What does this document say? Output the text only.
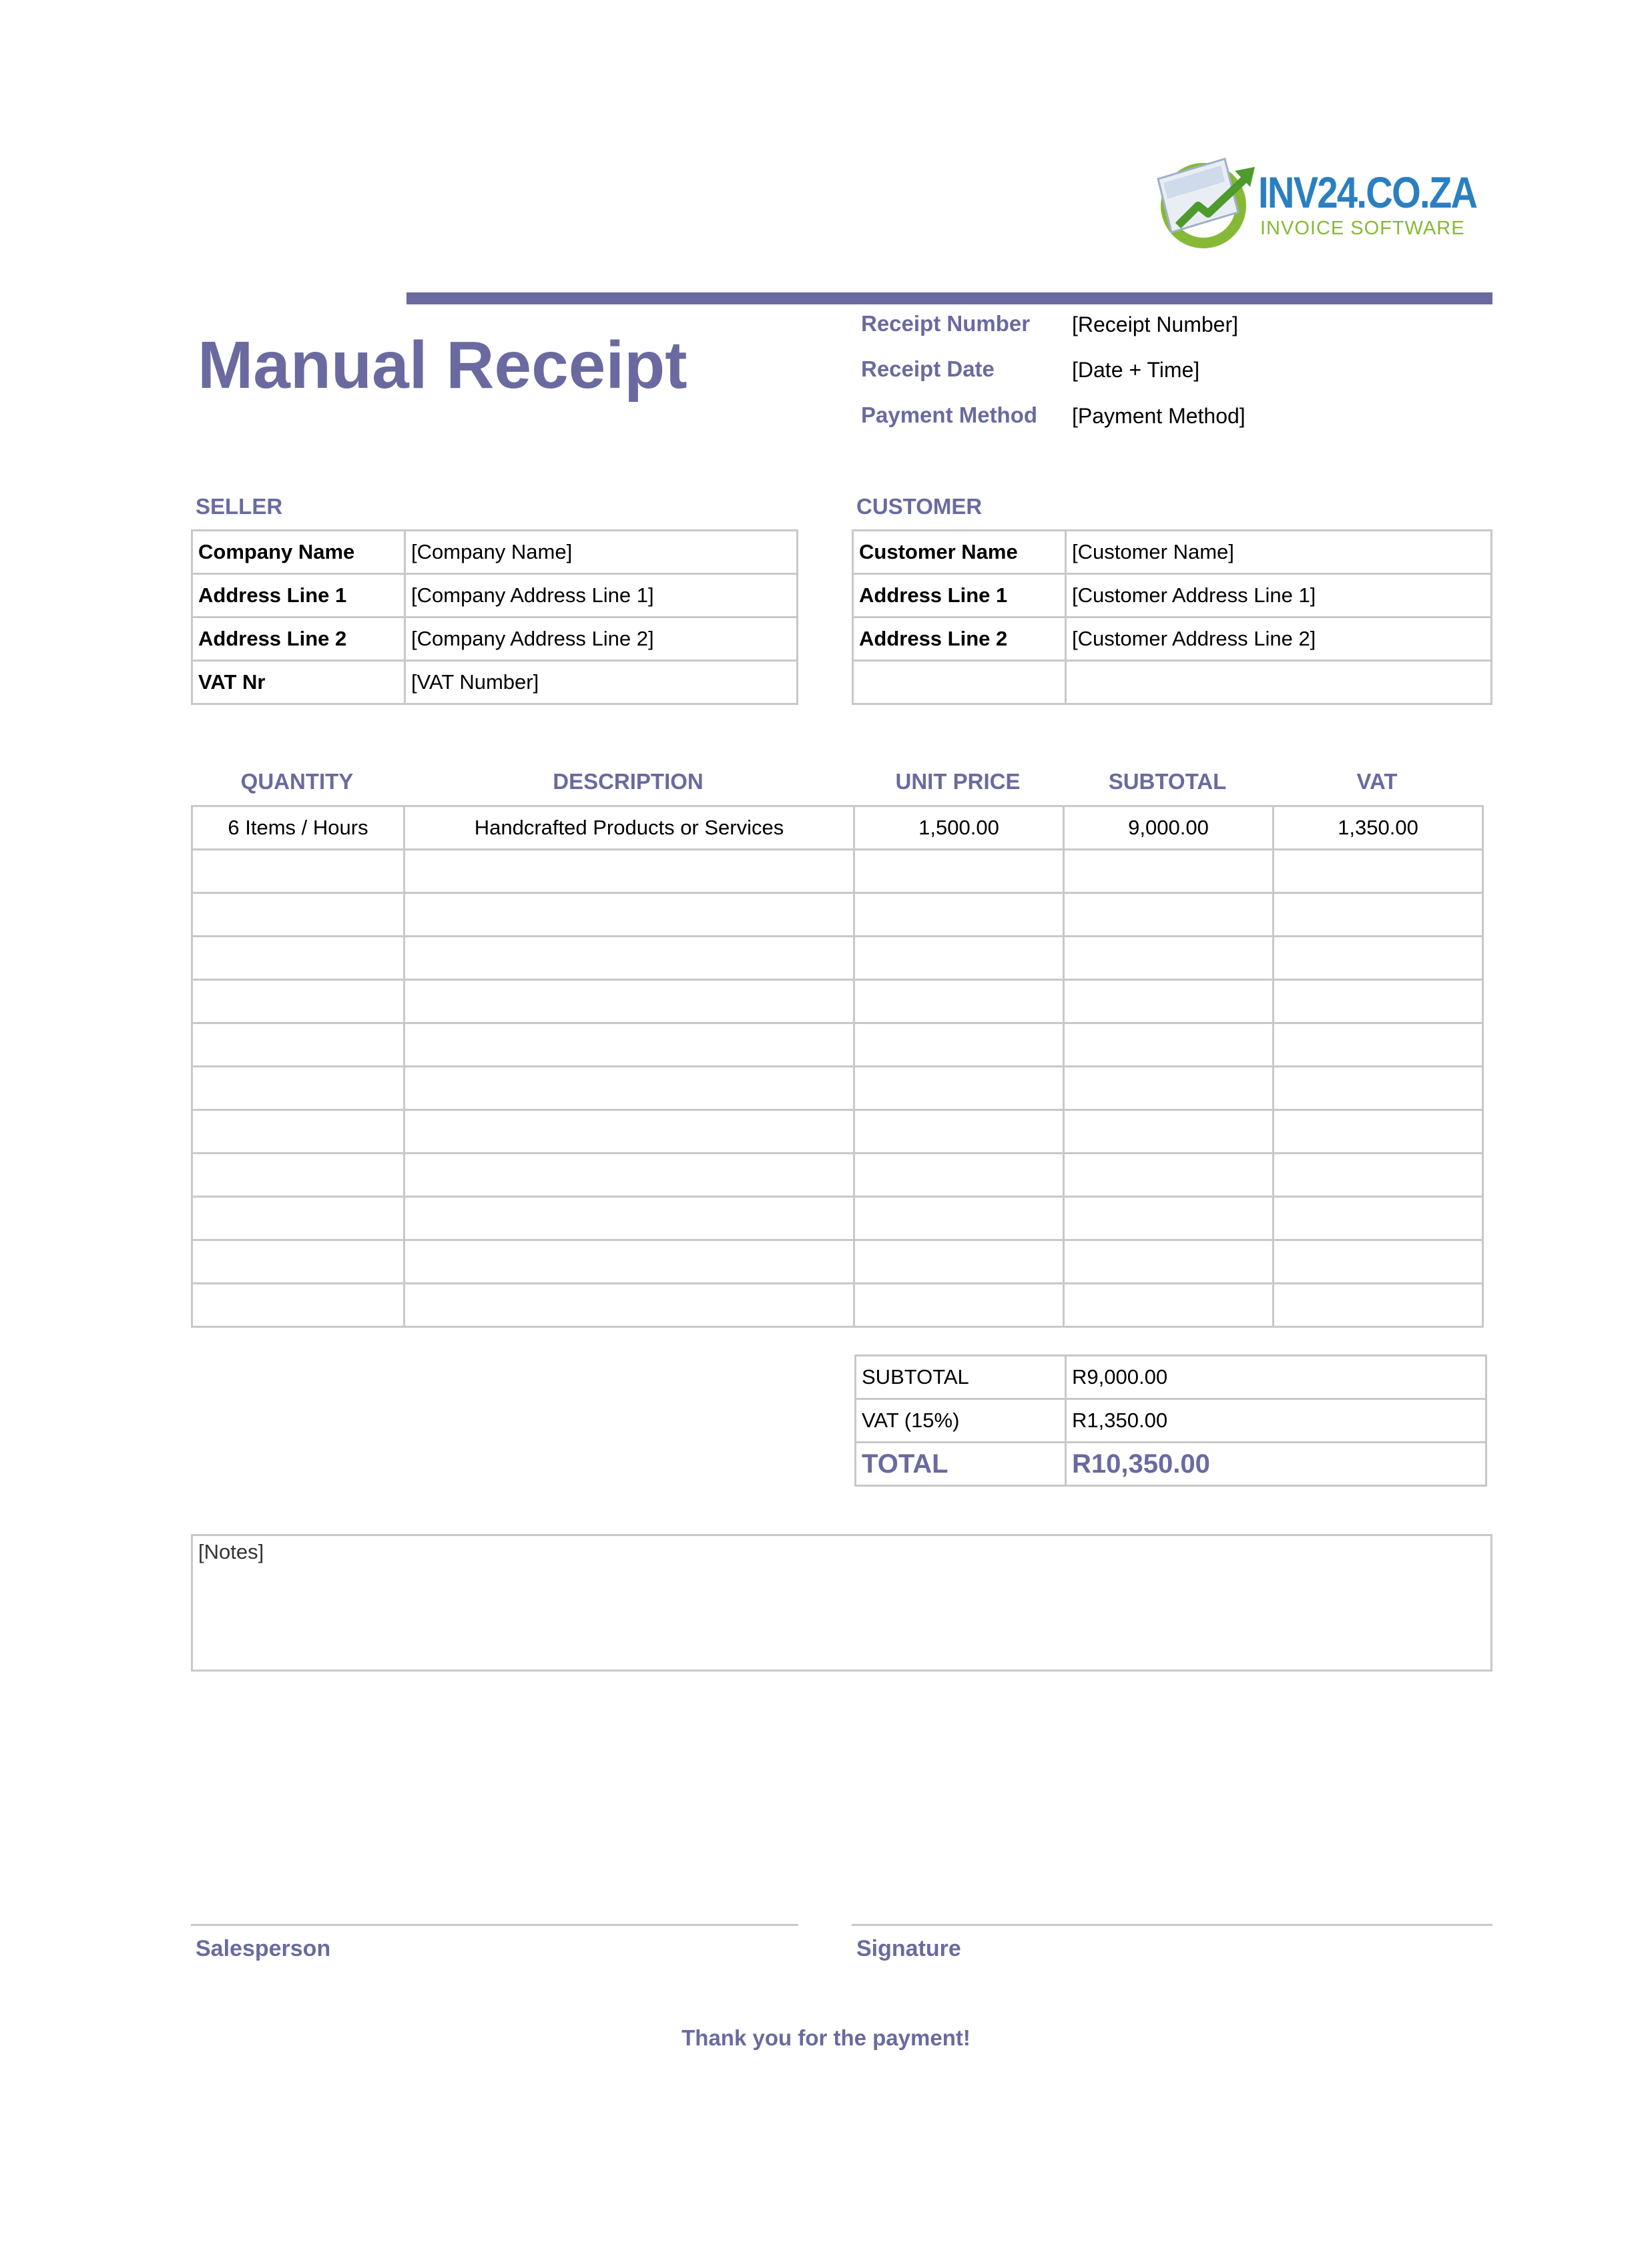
INV24.CO.ZA
INVOICE SOFTWARE
Manual Receipt
Receipt Number [Receipt Number]
Receipt Date	[Date + Time]
Payment Method [Payment Method]
SELLER
Company Name	[Company Name]
Address Line 1	[Company Address Line 1]
Address Line 2	[Company Address Line 2]
VAT Nr	[VAT Number]
CUSTOMER
Customer Name	[Customer Name]
Address Line 1	[Customer Address Line 1]
Address Line 2	[Customer Address Line 2]

QUANTITY	DESCRIPTION	UNIT PRICE	SUBTOTAL	VAT
6 Items / Hours	Handcrafted Products or Services	1,500.00	9,000.00	1,350.00

SUBTOTAL	R9,000.00
VAT (15%)	R1,350.00
TOTAL	R10,350.00
[Notes]
Salesperson	Signature
Thank you for the payment!
